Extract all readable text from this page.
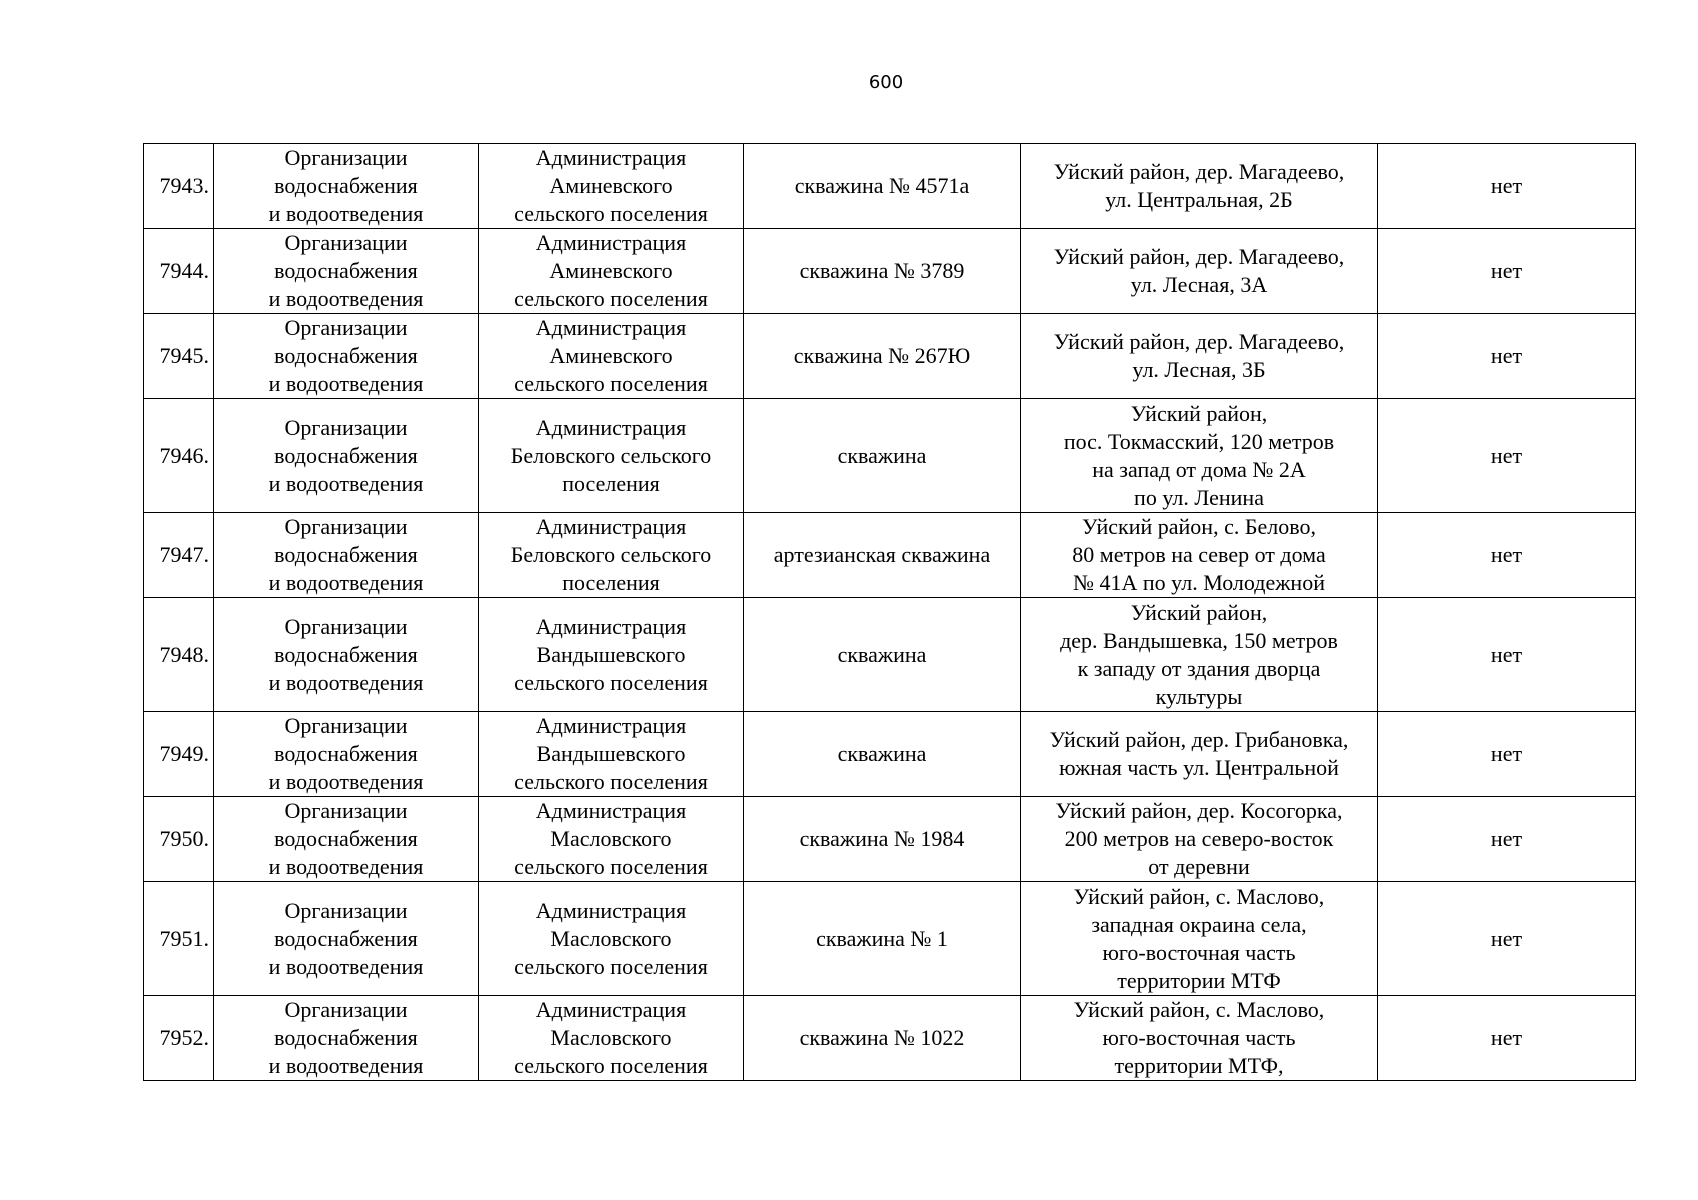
600
7943.	Организации
водоснабжения
и водоотведения	Администрация
Аминевского
сельского поселения	скважина № 4571а	Уйский район, дер. Магадеево,
ул. Центральная, 2Б	нет
7944.	Организации
водоснабжения
и водоотведения	Администрация
Аминевского
сельского поселения	скважина № 3789	Уйский район, дер. Магадеево,
ул. Лесная, 3А	нет
7945.	Организации
водоснабжения
и водоотведения	Администрация
Аминевского
сельского поселения	скважина № 267Ю	Уйский район, дер. Магадеево,
ул. Лесная, 3Б	нет
7946.	Организации
водоснабжения
и водоотведения	Администрация
Беловского сельского
поселения	скважина	Уйский район,
пос. Токмасский, 120 метров
на запад от дома № 2А
по ул. Ленина	нет
7947.	Организации
водоснабжения
и водоотведения	Администрация
Беловского сельского
поселения	артезианская скважина	Уйский район, с. Белово,
80 метров на север от дома
№ 41А по ул. Молодежной	нет
7948.	Организации
водоснабжения
и водоотведения	Администрация
Вандышевского
сельского поселения	скважина	Уйский район,
дер. Вандышевка, 150 метров
к западу от здания дворца
культуры	нет
7949.	Организации
водоснабжения
и водоотведения	Администрация
Вандышевского
сельского поселения	скважина	Уйский район, дер. Грибановка,
южная часть ул. Центральной	нет
7950.	Организации
водоснабжения
и водоотведения	Администрация
Масловского
сельского поселения	скважина № 1984	Уйский район, дер. Косогорка,
200 метров на северо-восток
от деревни	нет
7951.	Организации
водоснабжения
и водоотведения	Администрация
Масловского
сельского поселения	скважина № 1	Уйский район, с. Маслово,
западная окраина села,
юго-восточная часть
территории МТФ	нет
7952.	Организации
водоснабжения
и водоотведения	Администрация
Масловского
сельского поселения	скважина № 1022	Уйский район, с. Маслово,
юго-восточная часть
территории МТФ,	нет
